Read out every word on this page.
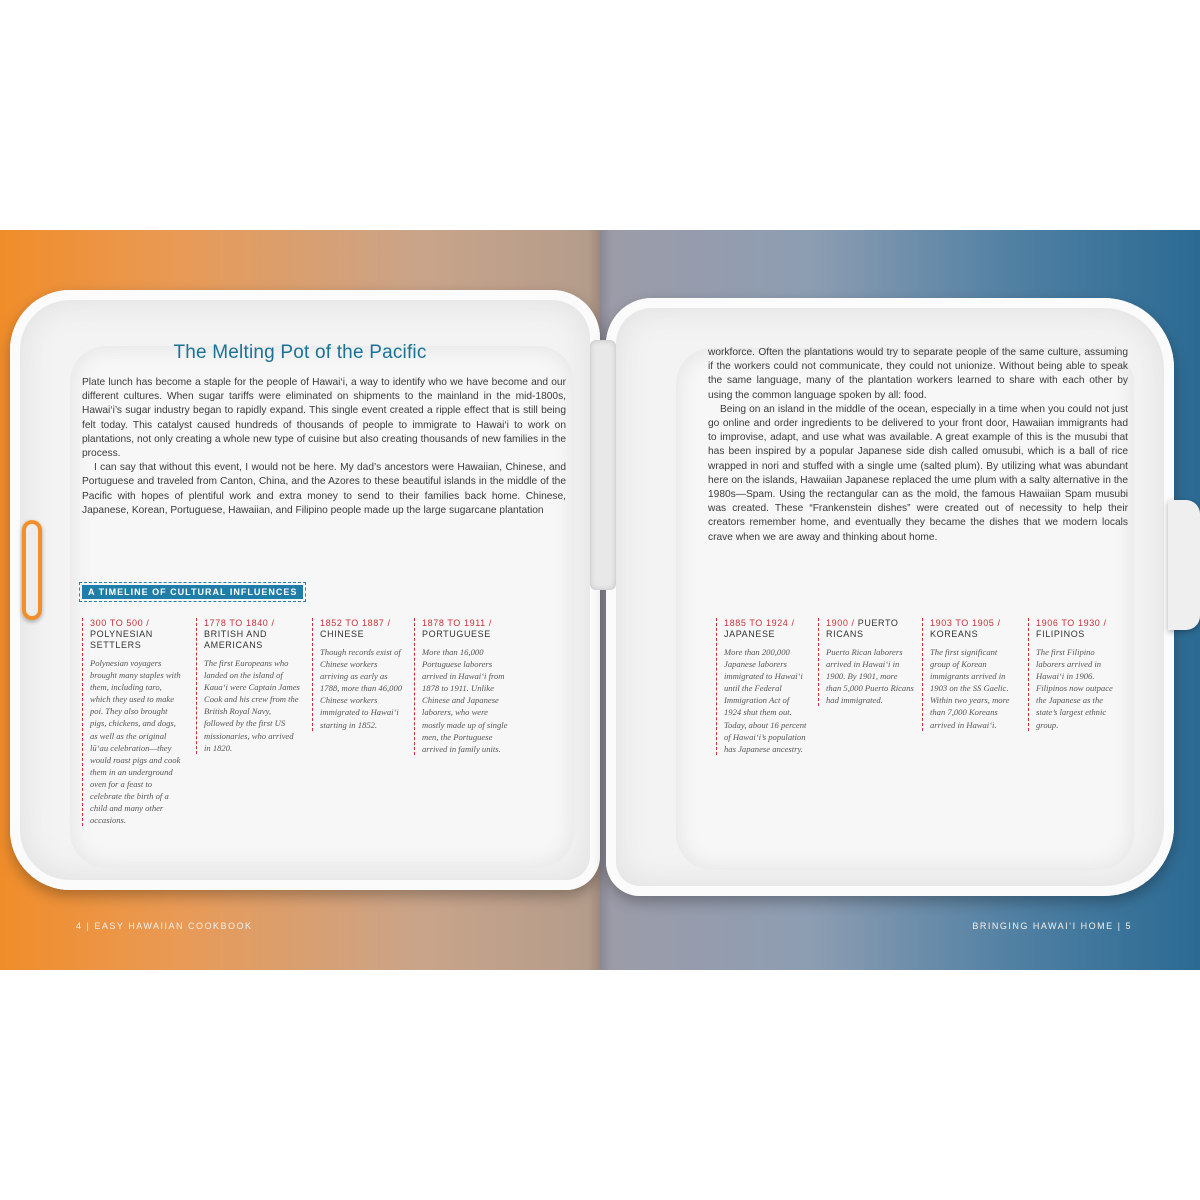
The Melting Pot of the Pacific

Plate lunch has become a staple for the people of Hawai‘i, a way to identify who we have become and our different cultures. When sugar tariffs were eliminated on shipments to the mainland in the mid-1800s, Hawai‘i’s sugar industry began to rapidly expand. This single event created a ripple effect that is still being felt today. This catalyst caused hundreds of thousands of people to immigrate to Hawai‘i to work on plantations, not only creating a whole new type of cuisine but also creating thousands of new families in the process.

I can say that without this event, I would not be here. My dad’s ancestors were Hawaiian, Chinese, and Portuguese and traveled from Canton, China, and the Azores to these beautiful islands in the middle of the Pacific with hopes of plentiful work and extra money to send to their families back home. Chinese, Japanese, Korean, Portuguese, Hawaiian, and Filipino people made up the large sugarcane plantation

A TIMELINE OF CULTURAL INFLUENCES
300 TO 500 / POLYNESIAN SETTLERS
Polynesian voyagers brought many staples with them, including taro, which they used to make poi. They also brought pigs, chickens, and dogs, as well as the original lū‘au celebration—they would roast pigs and cook them in an underground oven for a feast to celebrate the birth of a child and many other occasions.
1778 TO 1840 / BRITISH AND AMERICANS
The first Europeans who landed on the island of Kaua‘i were Captain James Cook and his crew from the British Royal Navy, followed by the first US missionaries, who arrived in 1820.
1852 TO 1887 / CHINESE
Though records exist of Chinese workers arriving as early as 1788, more than 46,000 Chinese workers immigrated to Hawai‘i starting in 1852.
1878 TO 1911 / PORTUGUESE
More than 16,000 Portuguese laborers arrived in Hawai‘i from 1878 to 1911. Unlike Chinese and Japanese laborers, who were mostly made up of single men, the Portuguese arrived in family units.

workforce. Often the plantations would try to separate people of the same culture, assuming if the workers could not communicate, they could not unionize. Without being able to speak the same language, many of the plantation workers learned to share with each other by using the common language spoken by all: food.

Being on an island in the middle of the ocean, especially in a time when you could not just go online and order ingredients to be delivered to your front door, Hawaiian immigrants had to improvise, adapt, and use what was available. A great example of this is the musubi that has been inspired by a popular Japanese side dish called omusubi, which is a ball of rice wrapped in nori and stuffed with a single ume (salted plum). By utilizing what was abundant here on the islands, Hawaiian Japanese replaced the ume plum with a salty alternative in the 1980s—Spam. Using the rectangular can as the mold, the famous Hawaiian Spam musubi was created. These “Frankenstein dishes” were created out of necessity to help their creators remember home, and eventually they became the dishes that we modern locals crave when we are away and thinking about home.

1885 TO 1924 / JAPANESE
More than 200,000 Japanese laborers immigrated to Hawai‘i until the Federal Immigration Act of 1924 shut them out. Today, about 16 percent of Hawai‘i’s population has Japanese ancestry.
1900 / PUERTO RICANS
Puerto Rican laborers arrived in Hawai‘i in 1900. By 1901, more than 5,000 Puerto Ricans had immigrated.
1903 TO 1905 / KOREANS
The first significant group of Korean immigrants arrived in 1903 on the SS Gaelic. Within two years, more than 7,000 Koreans arrived in Hawai‘i.
1906 TO 1930 / FILIPINOS
The first Filipino laborers arrived in Hawai‘i in 1906. Filipinos now outpace the Japanese as the state’s largest ethnic group.
4 | EASY HAWAIIAN COOKBOOK	BRINGING HAWAI‘I HOME | 5
